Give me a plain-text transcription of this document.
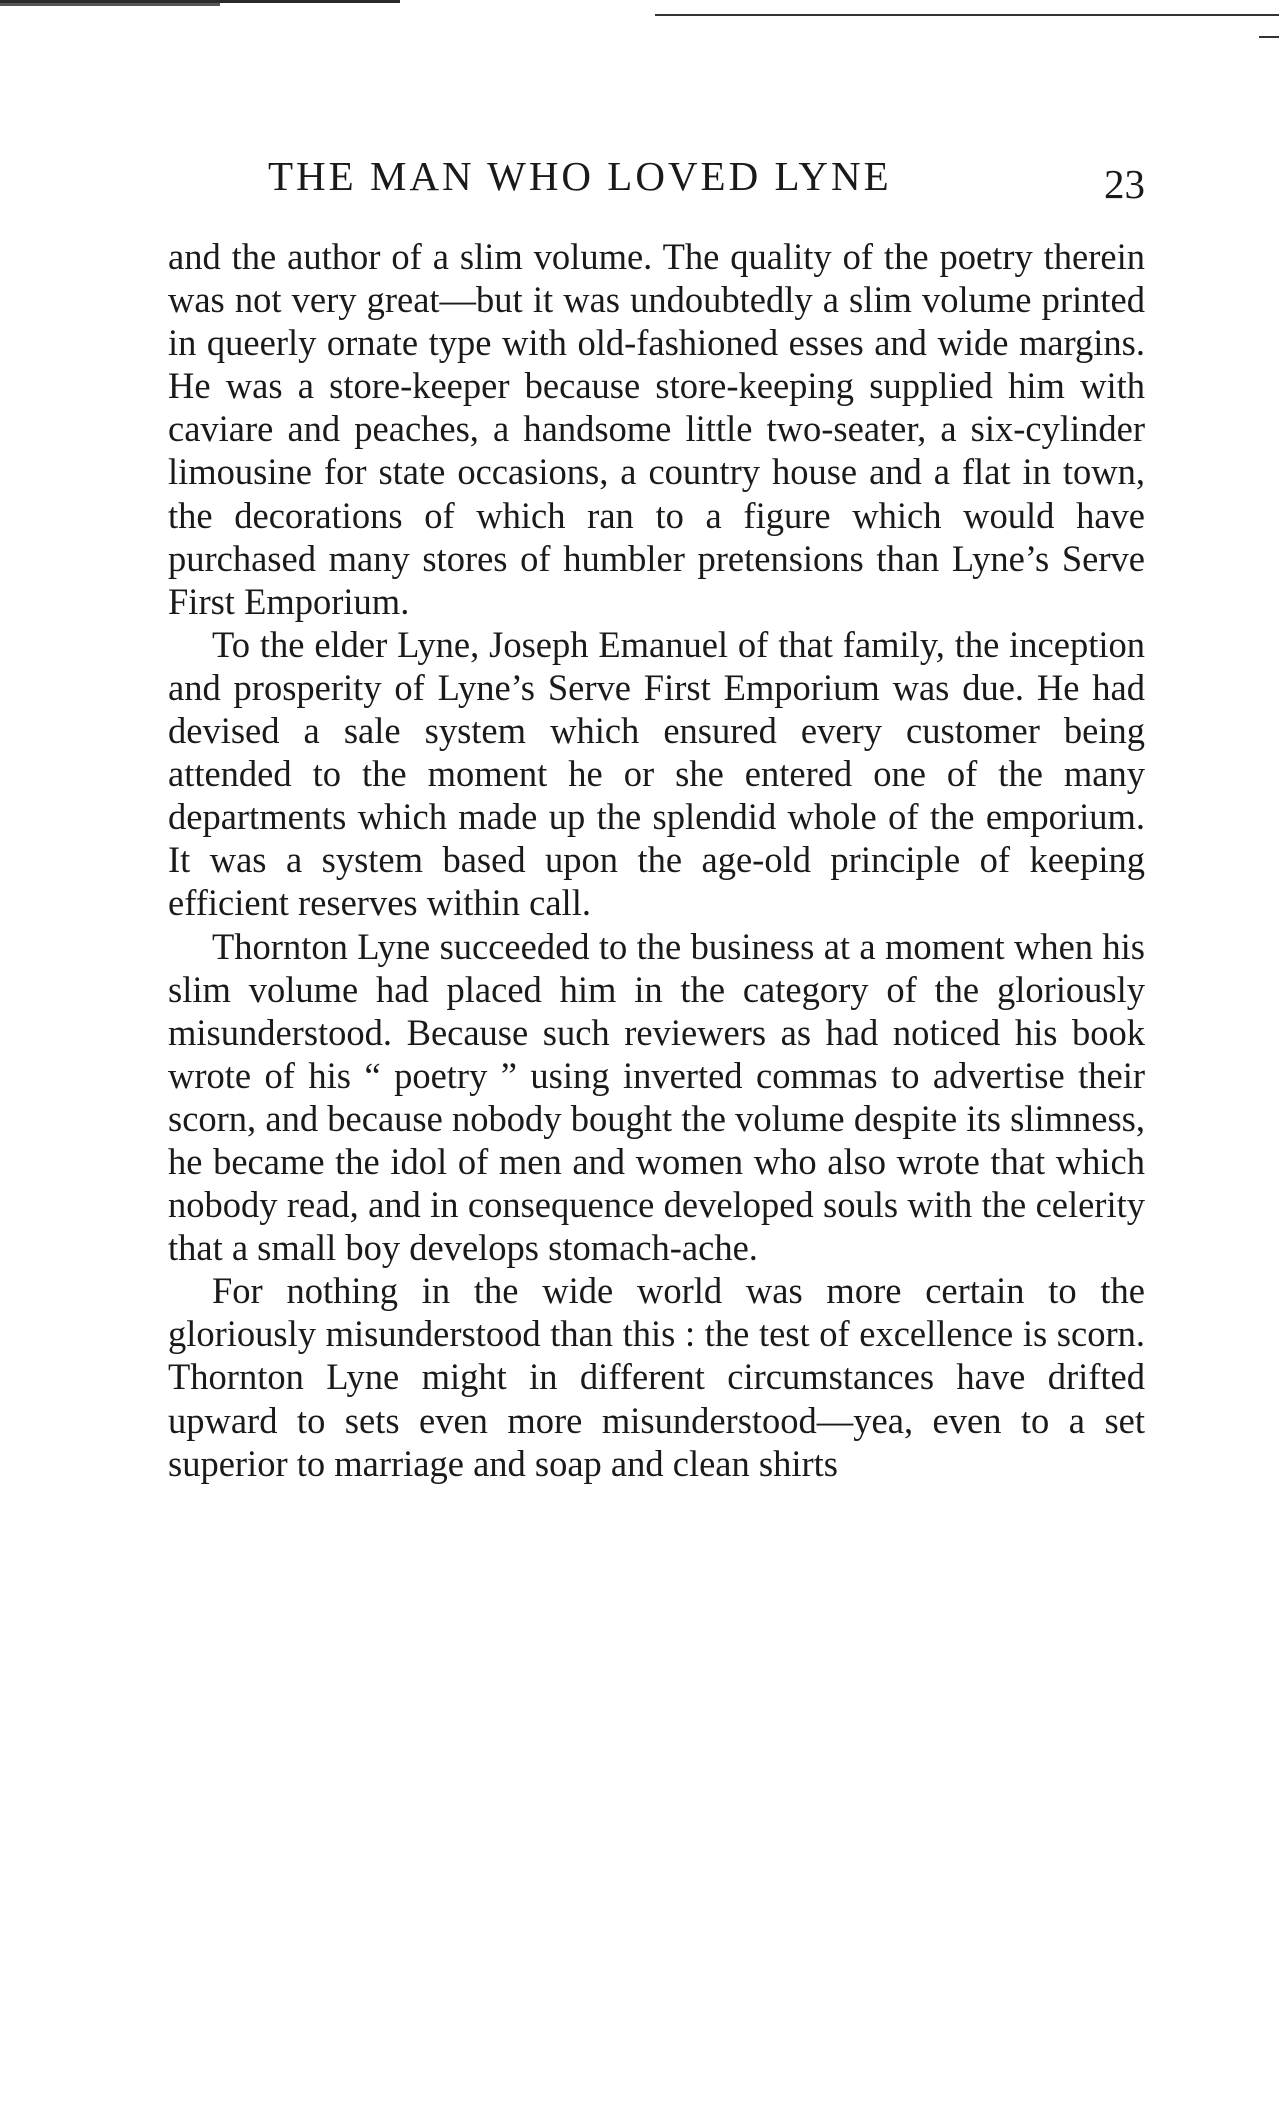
THE MAN WHO LOVED LYNE	23

and the author of a slim volume. The quality of the poetry therein was not very great—but it was undoubtedly a slim volume printed in queerly ornate type with old-fashioned esses and wide margins. He was a store-keeper because store-keeping supplied him with caviare and peaches, a handsome little two-seater, a six-cylinder limousine for state occasions, a country house and a flat in town, the decorations of which ran to a figure which would have purchased many stores of humbler pretensions than Lyne’s Serve First Emporium.

To the elder Lyne, Joseph Emanuel of that family, the inception and prosperity of Lyne’s Serve First Emporium was due. He had devised a sale system which ensured every customer being attended to the moment he or she entered one of the many departments which made up the splendid whole of the emporium. It was a system based upon the age-old principle of keeping efficient reserves within call.

Thornton Lyne succeeded to the business at a moment when his slim volume had placed him in the category of the gloriously misunderstood. Because such reviewers as had noticed his book wrote of his “ poetry ” using inverted commas to advertise their scorn, and because nobody bought the volume despite its slimness, he became the idol of men and women who also wrote that which nobody read, and in consequence developed souls with the celerity that a small boy develops stomach-ache.

For nothing in the wide world was more certain to the gloriously misunderstood than this : the test of excellence is scorn. Thornton Lyne might in different circumstances have drifted upward to sets even more misunderstood—yea, even to a set superior to marriage and soap and clean shirts
